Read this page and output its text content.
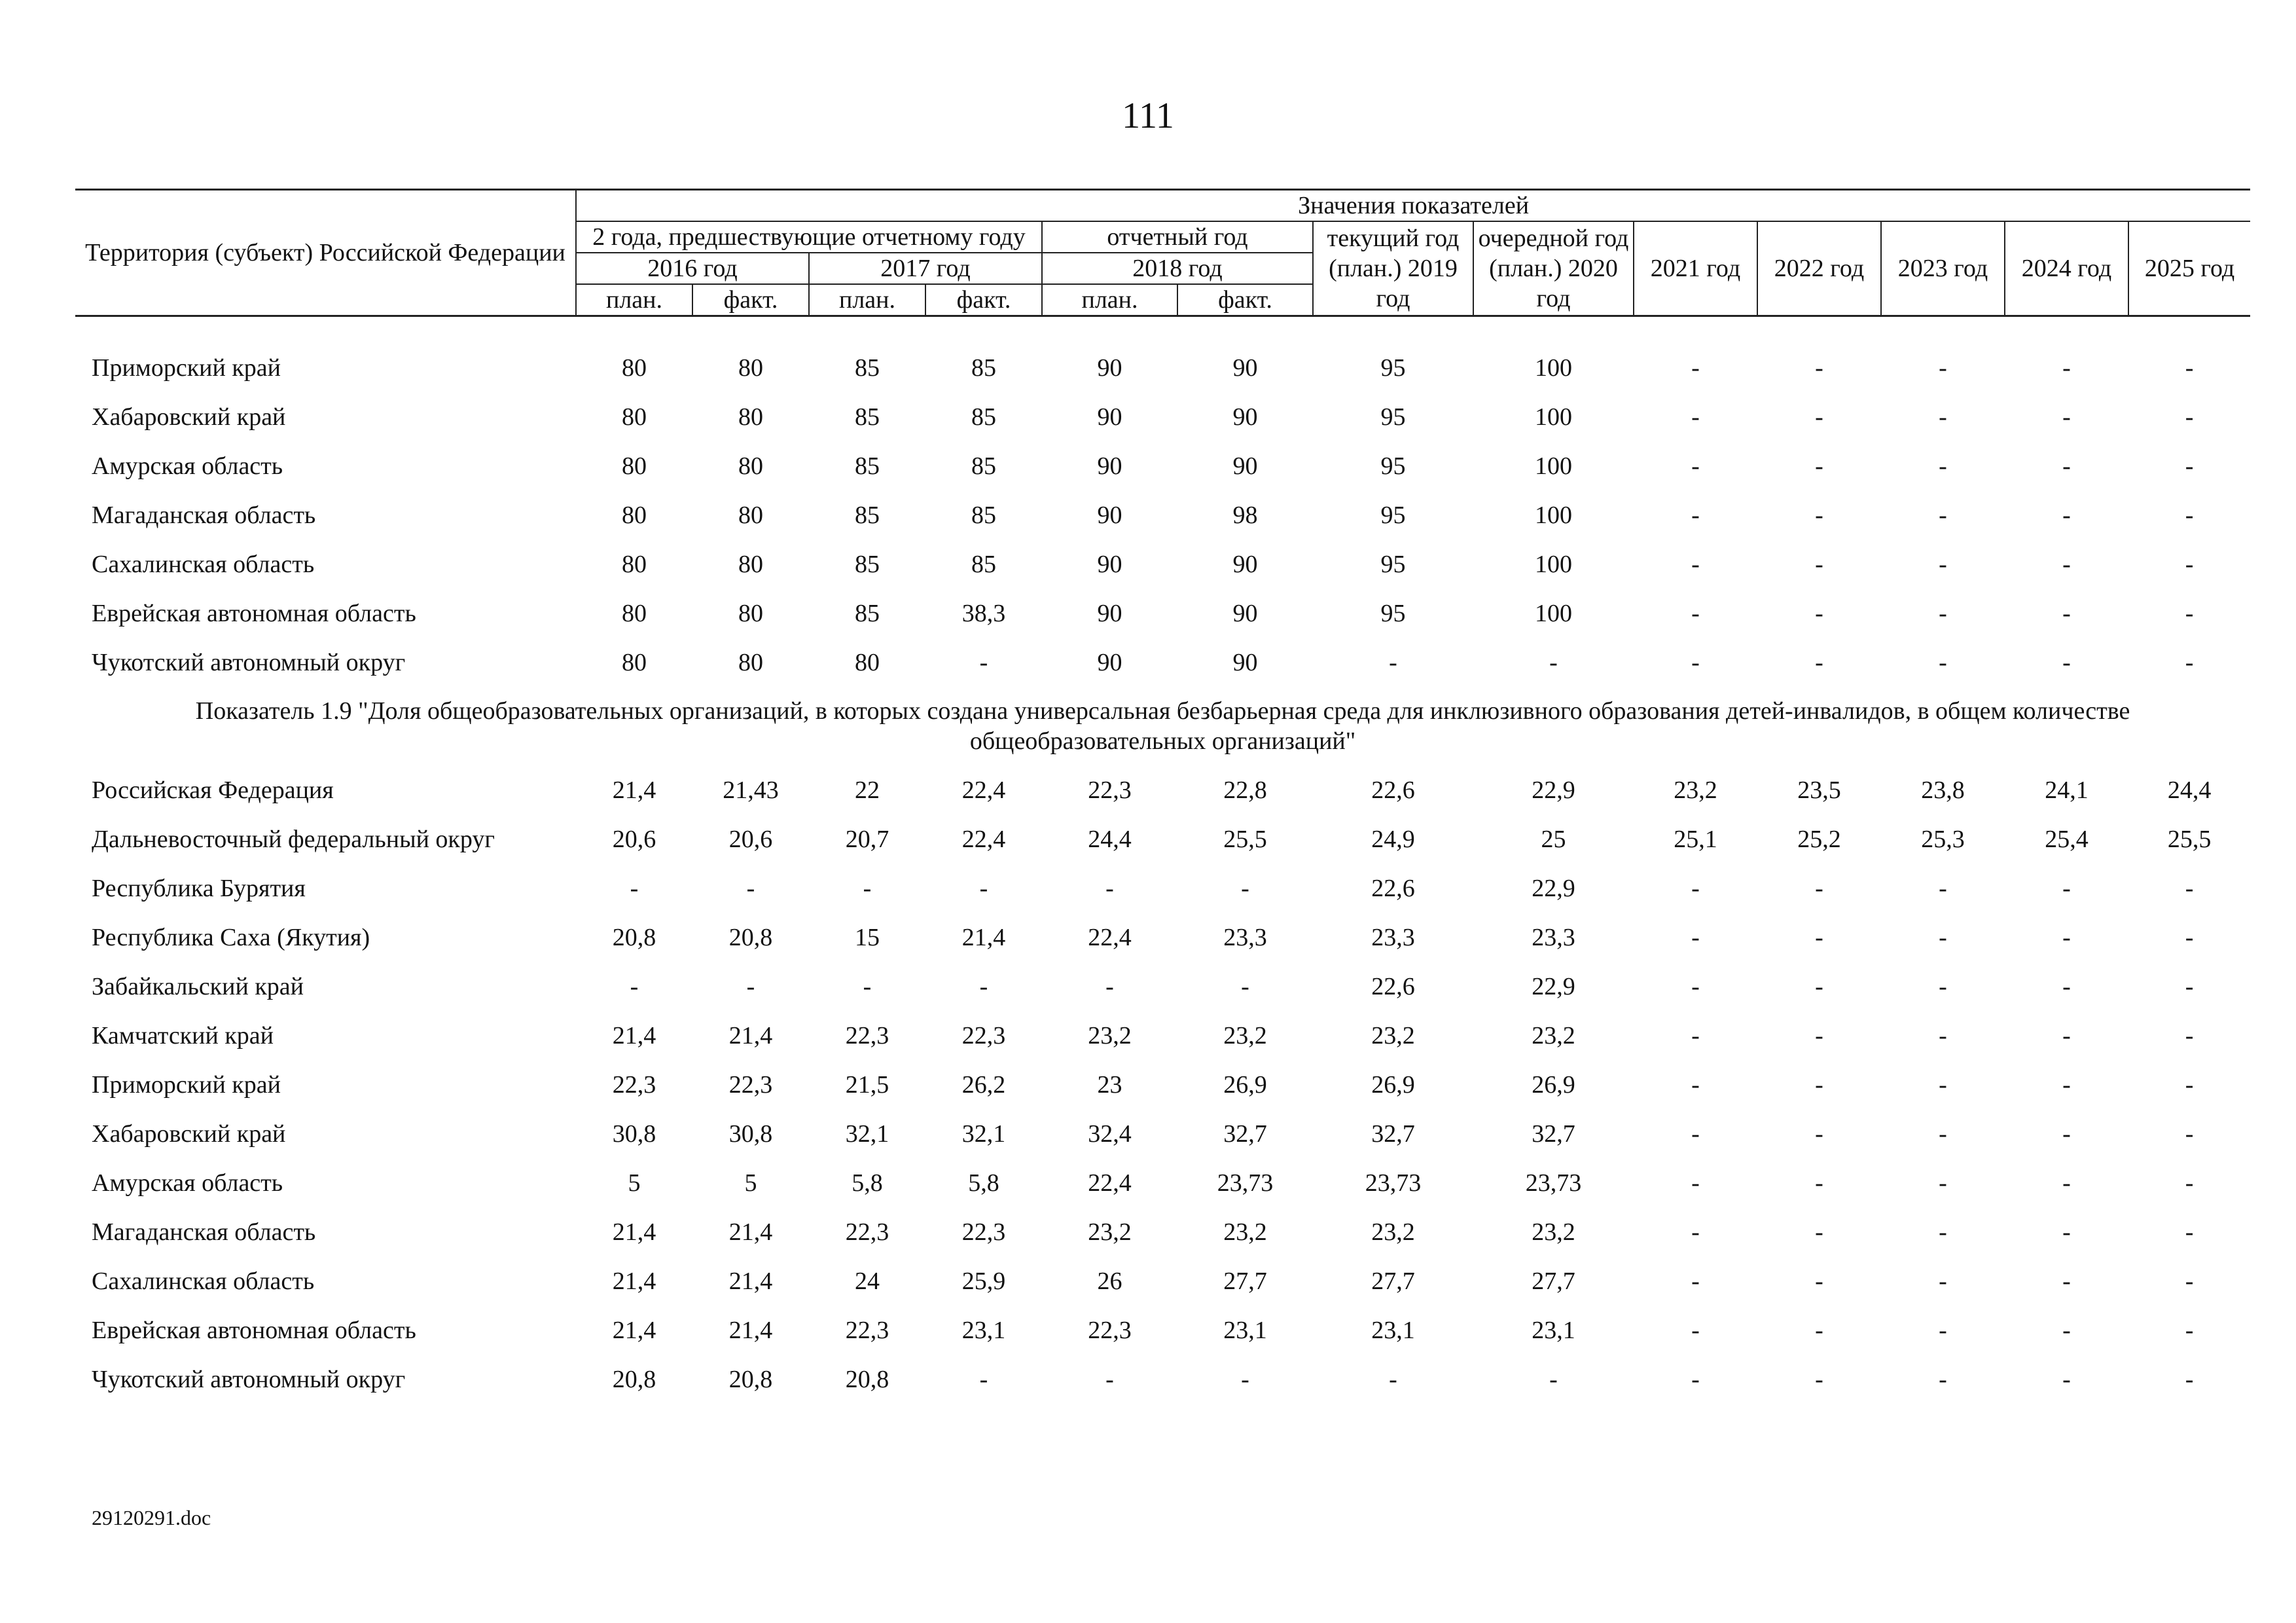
111
Территория (субъект) Российской Федерации	Значения показателей												
	2 года, предшествующие отчетному году				отчетный год		текущий год (план.) 2019 год	очередной год (план.) 2020 год	2021 год	2022 год	2023 год	2024 год	2025 год
	2016 год		2017 год		2018 год								
	план.	факт.	план.	факт.	план.	факт.							

Приморский край	80	80	85	85	90	90	95	100	-	-	-	-	-
Хабаровский край	80	80	85	85	90	90	95	100	-	-	-	-	-
Амурская область	80	80	85	85	90	90	95	100	-	-	-	-	-
Магаданская область	80	80	85	85	90	98	95	100	-	-	-	-	-
Сахалинская область	80	80	85	85	90	90	95	100	-	-	-	-	-
Еврейская автономная область	80	80	85	38,3	90	90	95	100	-	-	-	-	-
Чукотский автономный округ	80	80	80	-	90	90	-	-	-	-	-	-	-
Показатель 1.9 "Доля общеобразовательных организаций, в которых создана универсальная безбарьерная среда для инклюзивного образования детей-инвалидов, в общем количестве общеобразовательных организаций"													
Российская Федерация	21,4	21,43	22	22,4	22,3	22,8	22,6	22,9	23,2	23,5	23,8	24,1	24,4
Дальневосточный федеральный округ	20,6	20,6	20,7	22,4	24,4	25,5	24,9	25	25,1	25,2	25,3	25,4	25,5
Республика Бурятия	-	-	-	-	-	-	22,6	22,9	-	-	-	-	-
Республика Саха (Якутия)	20,8	20,8	15	21,4	22,4	23,3	23,3	23,3	-	-	-	-	-
Забайкальский край	-	-	-	-	-	-	22,6	22,9	-	-	-	-	-
Камчатский край	21,4	21,4	22,3	22,3	23,2	23,2	23,2	23,2	-	-	-	-	-
Приморский край	22,3	22,3	21,5	26,2	23	26,9	26,9	26,9	-	-	-	-	-
Хабаровский край	30,8	30,8	32,1	32,1	32,4	32,7	32,7	32,7	-	-	-	-	-
Амурская область	5	5	5,8	5,8	22,4	23,73	23,73	23,73	-	-	-	-	-
Магаданская область	21,4	21,4	22,3	22,3	23,2	23,2	23,2	23,2	-	-	-	-	-
Сахалинская область	21,4	21,4	24	25,9	26	27,7	27,7	27,7	-	-	-	-	-
Еврейская автономная область	21,4	21,4	22,3	23,1	22,3	23,1	23,1	23,1	-	-	-	-	-
Чукотский автономный округ	20,8	20,8	20,8	-	-	-	-	-	-	-	-	-	-
29120291.doc
